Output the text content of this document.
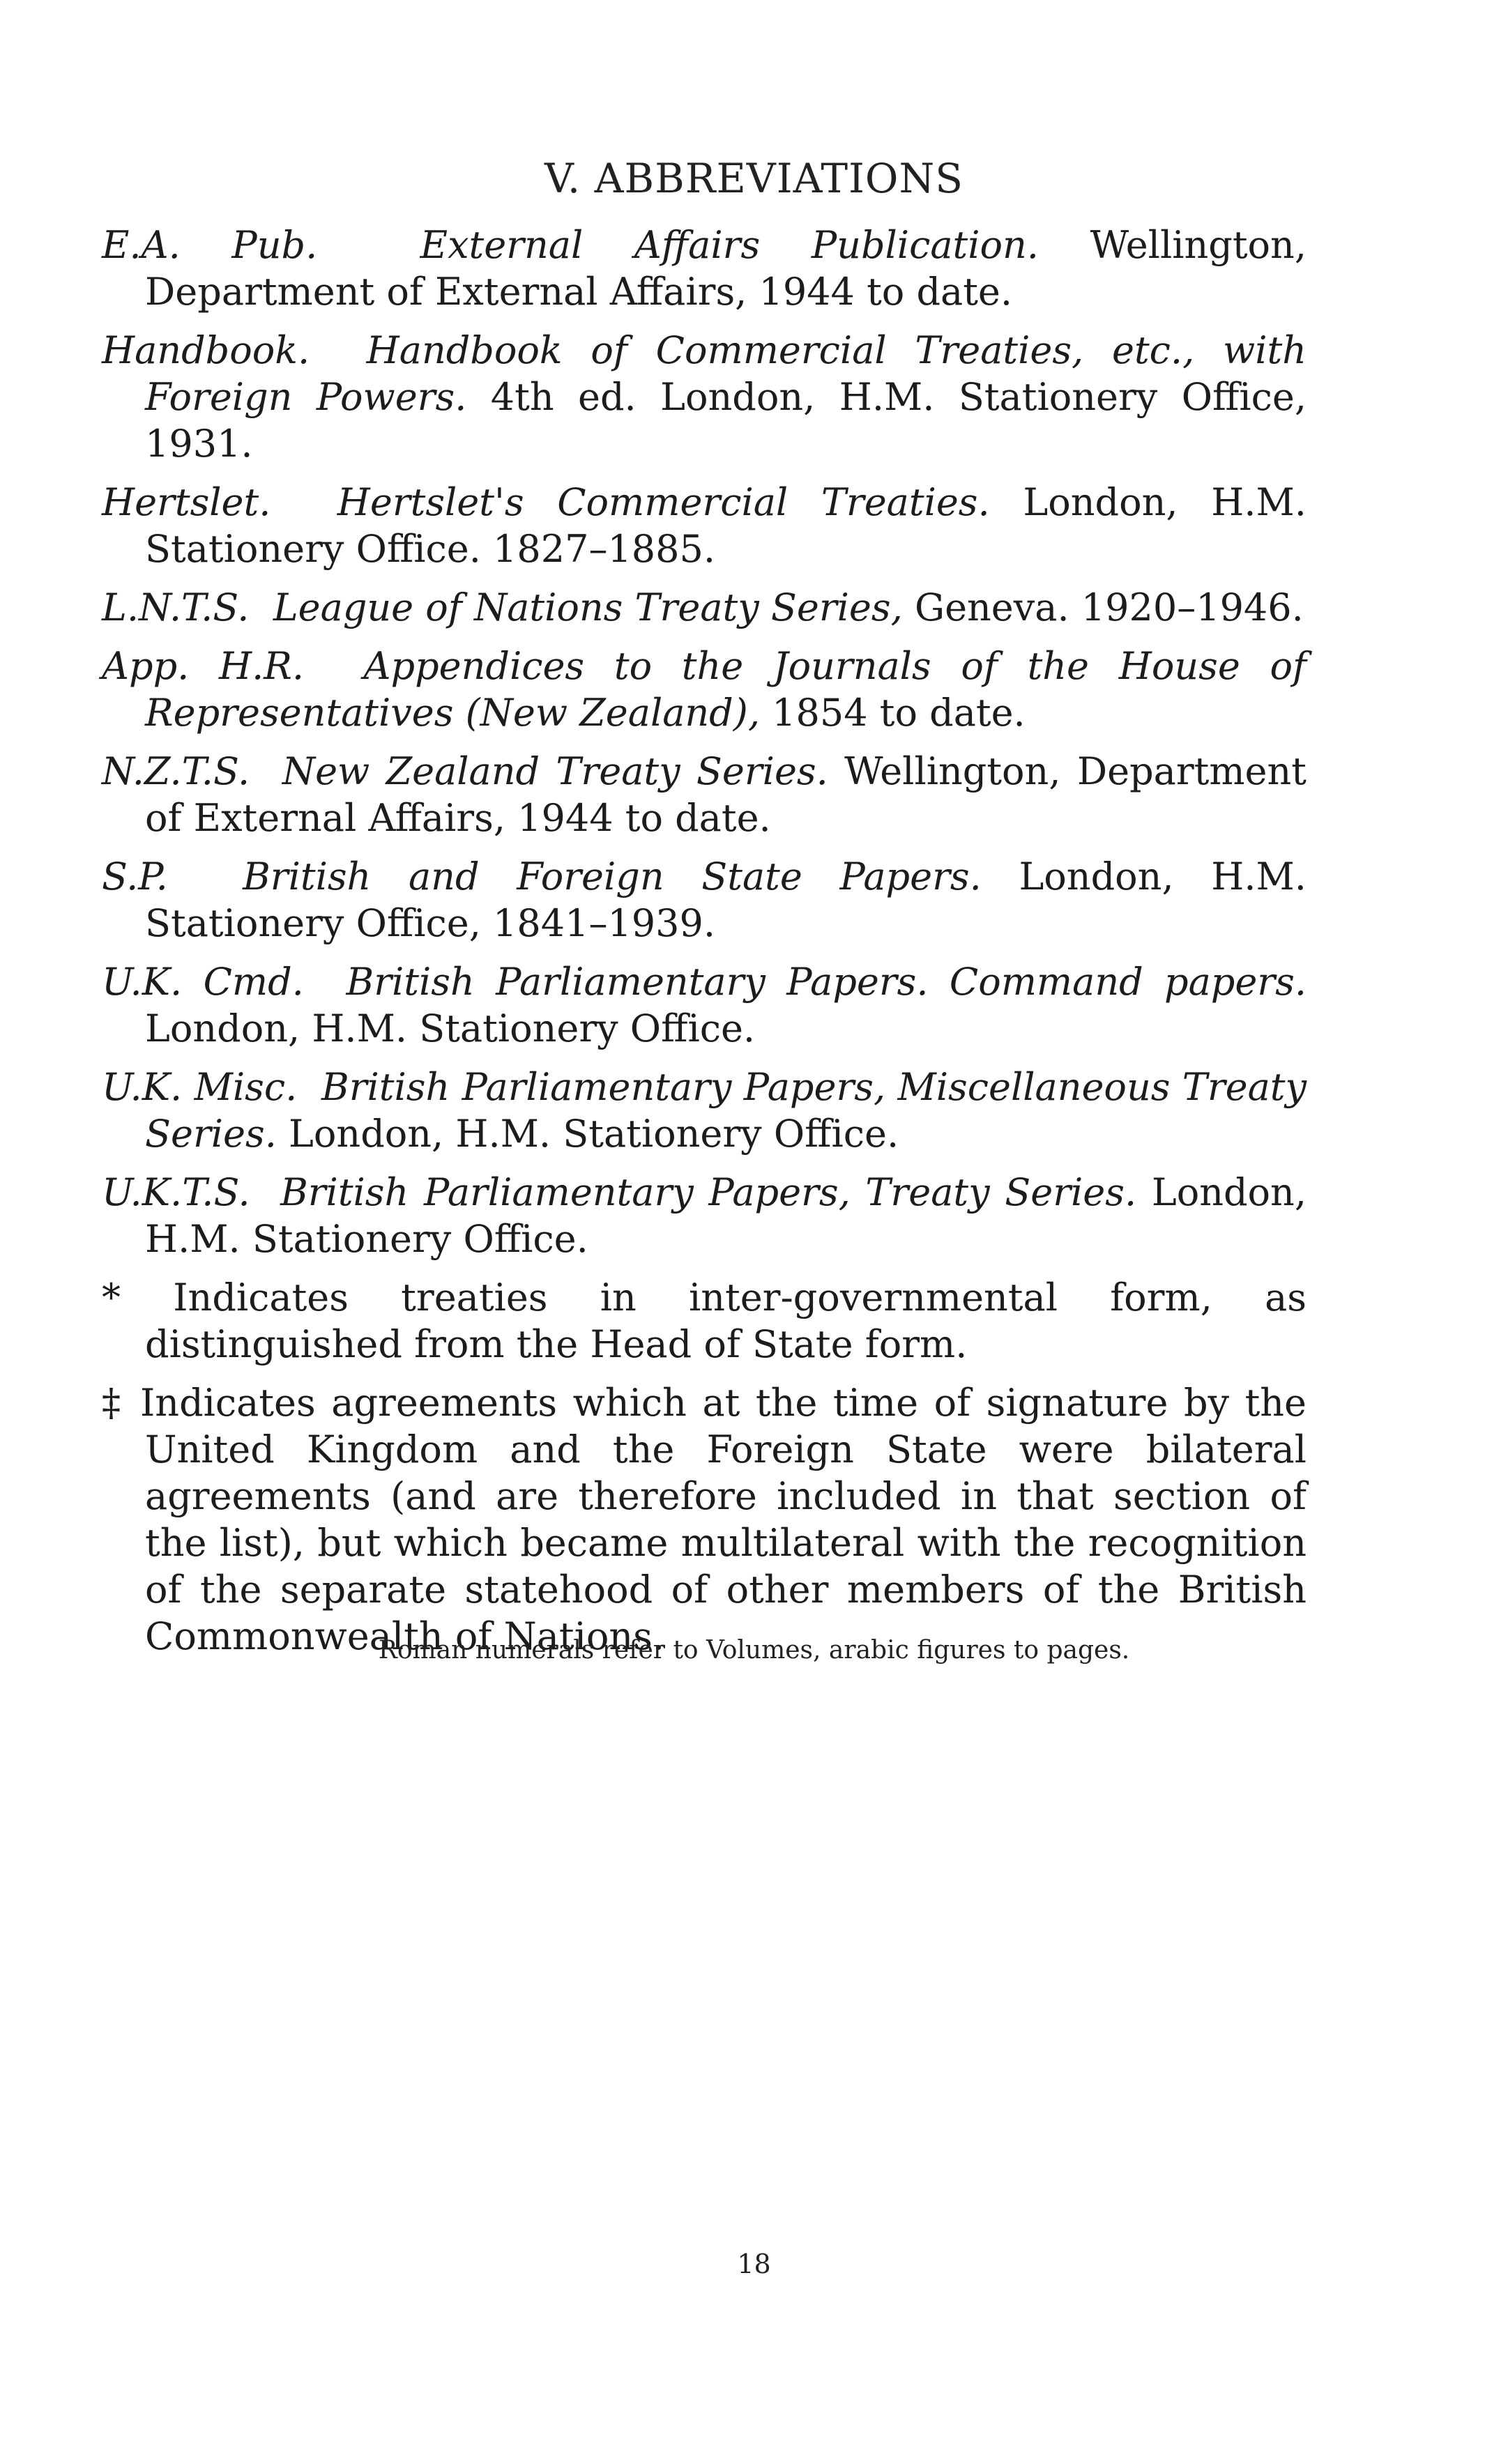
V. ABBREVIATIONS

E.A. Pub.	External Affairs Publication. Wellington, Department of External Affairs, 1944 to date.

Handbook. Handbook of Commercial Treaties, etc., with Foreign Powers. 4th ed. London, H.M. Stationery Office, 1931.

Hertslet. Hertslet's Commercial Treaties. London, H.M. Stationery Office. 1827–1885.

L.N.T.S. League of Nations Treaty Series, Geneva. 1920–1946.

App. H.R. Appendices to the Journals of the House of Representatives (New Zealand), 1854 to date.

N.Z.T.S. New Zealand Treaty Series. Wellington, Department of External Affairs, 1944 to date.

S.P. British and Foreign State Papers. London, H.M. Stationery Office, 1841–1939.

U.K. Cmd. British Parliamentary Papers. Command papers. London, H.M. Stationery Office.

U.K. Misc. British Parliamentary Papers, Miscellaneous Treaty Series. London, H.M. Stationery Office.

U.K.T.S. British Parliamentary Papers, Treaty Series. London, H.M. Stationery Office.

* Indicates treaties in inter-governmental form, as distinguished from the Head of State form.

‡ Indicates agreements which at the time of signature by the United Kingdom and the Foreign State were bilateral agreements (and are therefore included in that section of the list), but which became multilateral with the recognition of the separate statehood of other members of the British Commonwealth of Nations.

Roman numerals refer to Volumes, arabic figures to pages.
18
